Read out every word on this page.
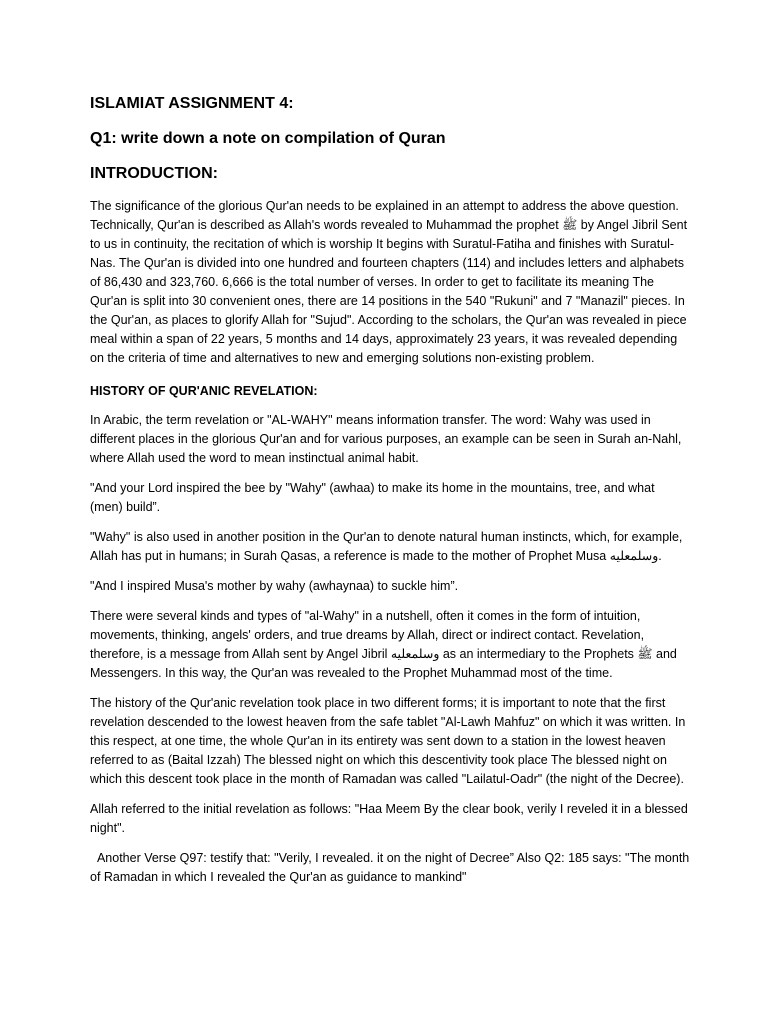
ISLAMIAT ASSIGNMENT 4:
Q1: write down a note on compilation of Quran
INTRODUCTION:

The significance of the glorious Qur'an needs to be explained in an attempt to address the above question. Technically, Qur'an is described as Allah's words revealed to Muhammad the prophet ﷺ by Angel Jibril Sent to us in continuity, the recitation of which is worship It begins with Suratul-Fatiha and finishes with Suratul-Nas. The Qur'an is divided into one hundred and fourteen chapters (114) and includes letters and alphabets of 86,430 and 323,760. 6,666 is the total number of verses. In order to get to facilitate its meaning The Qur'an is split into 30 convenient ones, there are 14 positions in the 540 "Rukuni" and 7 "Manazil" pieces. In the Qur'an, as places to glorify Allah for "Sujud". According to the scholars, the Qur'an was revealed in piece meal within a span of 22 years, 5 months and 14 days, approximately 23 years, it was revealed depending on the criteria of time and alternatives to new and emerging solutions non-existing problem.

HISTORY OF QUR'ANIC REVELATION:

In Arabic, the term revelation or "AL-WAHY" means information transfer. The word: Wahy was used in different places in the glorious Qur'an and for various purposes, an example can be seen in Surah an-Nahl, where Allah used the word to mean instinctual animal habit.

"And your Lord inspired the bee by "Wahy" (awhaa) to make its home in the mountains, tree, and what (men) build”.

"Wahy" is also used in another position in the Qur'an to denote natural human instincts, which, for example, Allah has put in humans; in Surah Qasas, a reference is made to the mother of Prophet Musa وسلمعليه.

"And I inspired Musa's mother by wahy (awhaynaa) to suckle him”.

There were several kinds and types of "al-Wahy" in a nutshell, often it comes in the form of intuition, movements, thinking, angels' orders, and true dreams by Allah, direct or indirect contact. Revelation, therefore, is a message from Allah sent by Angel Jibril وسلمعليه as an intermediary to the Prophets ﷺ and Messengers. In this way, the Qur'an was revealed to the Prophet Muhammad most of the time.

The history of the Qur'anic revelation took place in two different forms; it is important to note that the first revelation descended to the lowest heaven from the safe tablet "Al-Lawh Mahfuz" on which it was written. In this respect, at one time, the whole Qur'an in its entirety was sent down to a station in the lowest heaven referred to as (Baital Izzah) The blessed night on which this descentivity took place The blessed night on which this descent took place in the month of Ramadan was called "Lailatul-Oadr" (the night of the Decree).

Allah referred to the initial revelation as follows: "Haa Meem By the clear book, verily I reveled it in a blessed night".

Another Verse Q97: testify that: "Verily, I revealed. it on the night of Decree” Also Q2: 185 says: "The month of Ramadan in which I revealed the Qur'an as guidance to mankind"
